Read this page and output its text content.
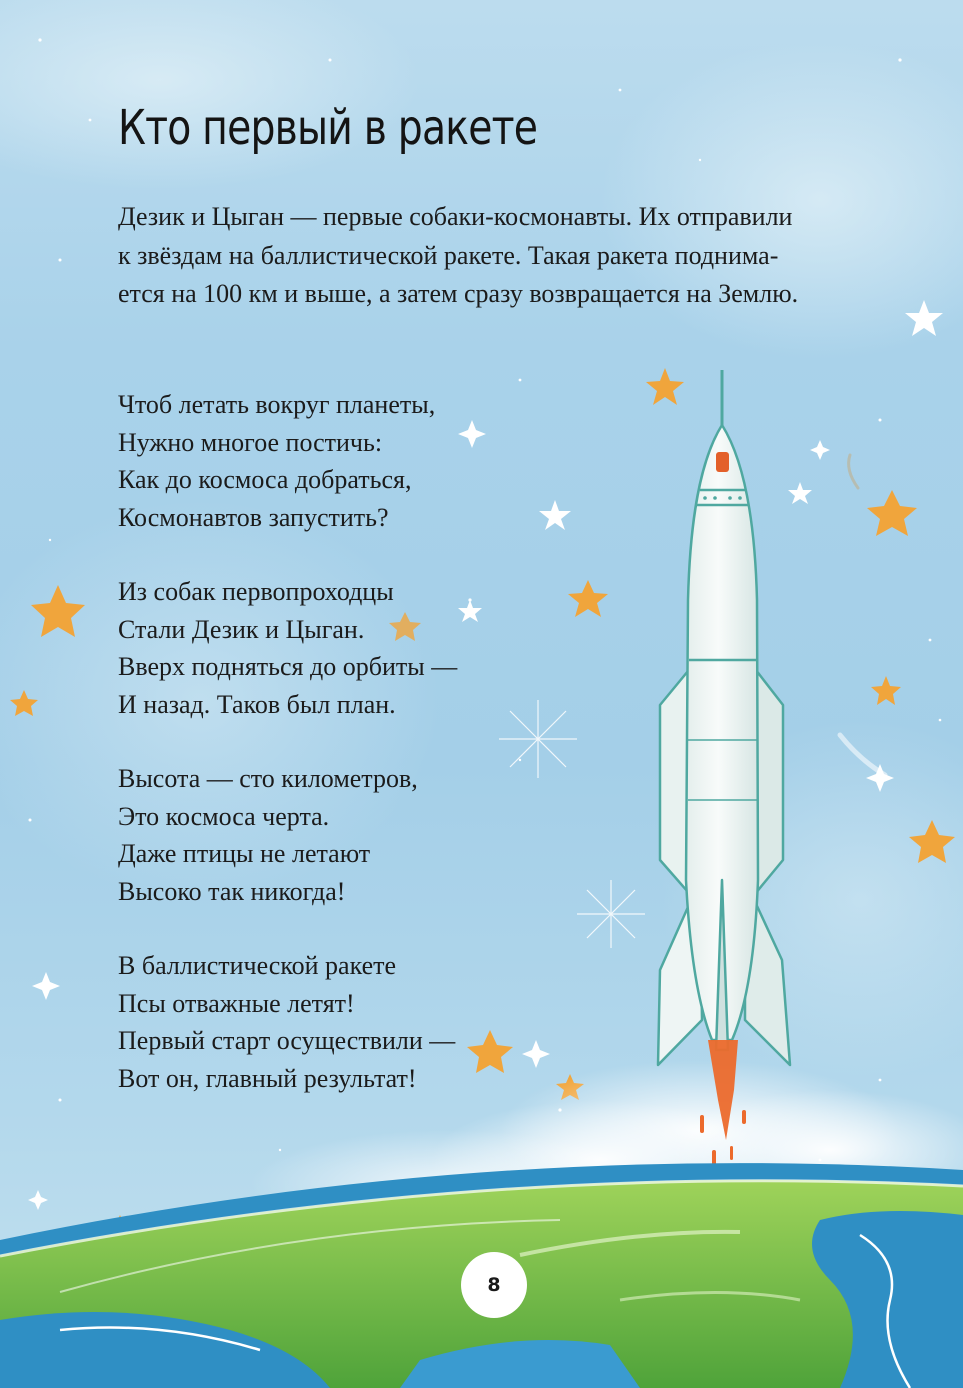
Кто первый в ракете

Дезик и Цыган — первые собаки-космонавты. Их отправили
к звёздам на баллистической ракете. Такая ракета поднима-
ется на 100 км и выше, а затем сразу возвращается на Землю.

Чтоб летать вокруг планеты,
Нужно многое постичь:
Как до космоса добраться,
Космонавтов запустить?
Из собак первопроходцы
Стали Дезик и Цыган.
Вверх подняться до орбиты —
И назад. Таков был план.
Высота — сто километров,
Это космоса черта.
Даже птицы не летают
Высоко так никогда!
В баллистической ракете
Псы отважные летят!
Первый старт осуществили —
Вот он, главный результат!
8
